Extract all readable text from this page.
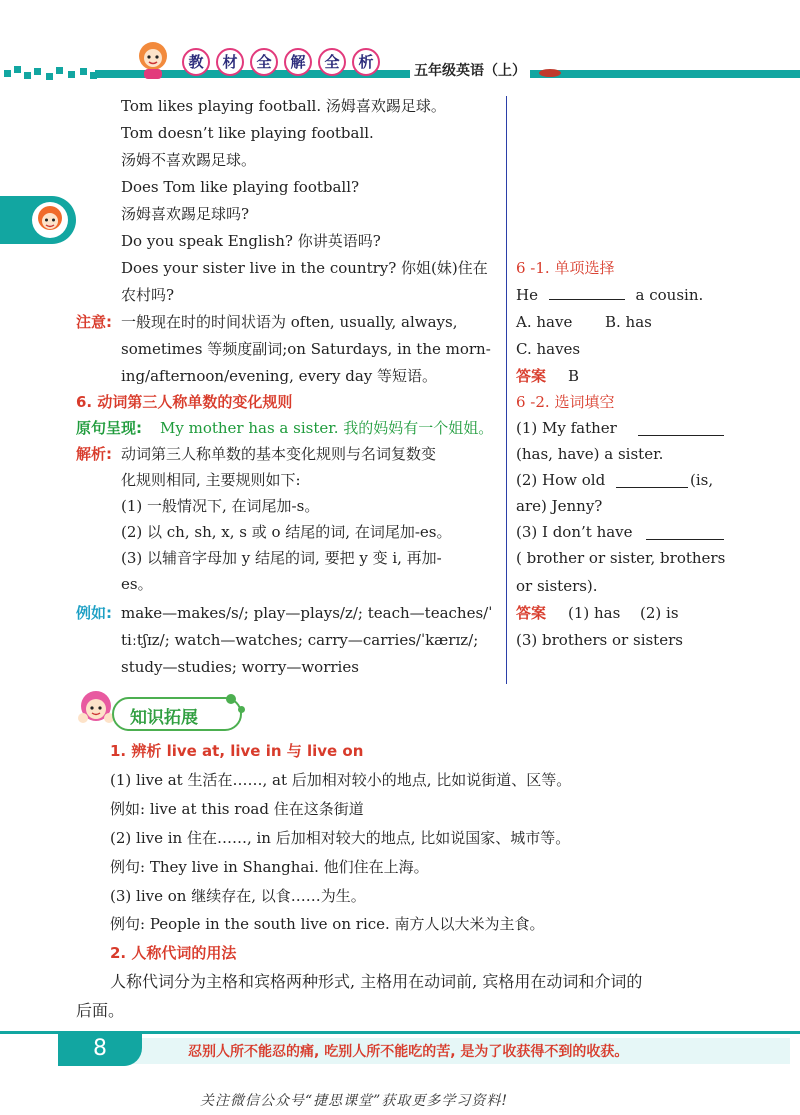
教	材	全	解	全	析	五年级英语（上）
Tom likes playing football. 汤姆喜欢踢足球。
Tom doesn’t like playing football.
汤姆不喜欢踢足球。
Does Tom like playing football?
汤姆喜欢踢足球吗?
Do you speak English? 你讲英语吗?
Does your sister live in the country? 你姐(妹)住在
农村吗?
注意: 一般现在时的时间状语为 often, usually, always,
sometimes 等频度副词;on Saturdays, in the morn-
ing/afternoon/evening, every day 等短语。
6. 动词第三人称单数的变化规则
原句呈现: My mother has a sister. 我的妈妈有一个姐姐。
解析: 动词第三人称单数的基本变化规则与名词复数变
化规则相同, 主要规则如下:
(1) 一般情况下, 在词尾加-s。
(2) 以 ch, sh, x, s 或 o 结尾的词, 在词尾加-es。
(3) 以辅音字母加 y 结尾的词, 要把 y 变 i, 再加-
es。
例如: make—makes/s/; play—plays/z/; teach—teaches/ˈ
tiːtʃɪz/; watch—watches; carry—carries/ˈkærɪz/;
study—studies; worry—worries
6 -1. 单项选择
He	a cousin.
A. have B. has
C. haves
答案 B
6 -2. 选词填空
(1) My father
(has, have) a sister.
(2) How old	(is,
are) Jenny?
(3) I don’t have
( brother or sister, brothers
or sisters).
答案 (1) has (2) is
(3) brothers or sisters
知识拓展
1. 辨析 live at, live in 与 live on
(1) live at 生活在……, at 后加相对较小的地点, 比如说街道、区等。
例如: live at this road 住在这条街道
(2) live in 住在……, in 后加相对较大的地点, 比如说国家、城市等。
例句: They live in Shanghai. 他们住在上海。
(3) live on 继续存在, 以食……为生。
例句: People in the south live on rice. 南方人以大米为主食。
2. 人称代词的用法
人称代词分为主格和宾格两种形式, 主格用在动词前, 宾格用在动词和介词的
后面。
8	忍别人所不能忍的痛, 吃别人所不能吃的苦, 是为了收获得不到的收获。
关注微信公众号“捷思课堂”获取更多学习资料!
